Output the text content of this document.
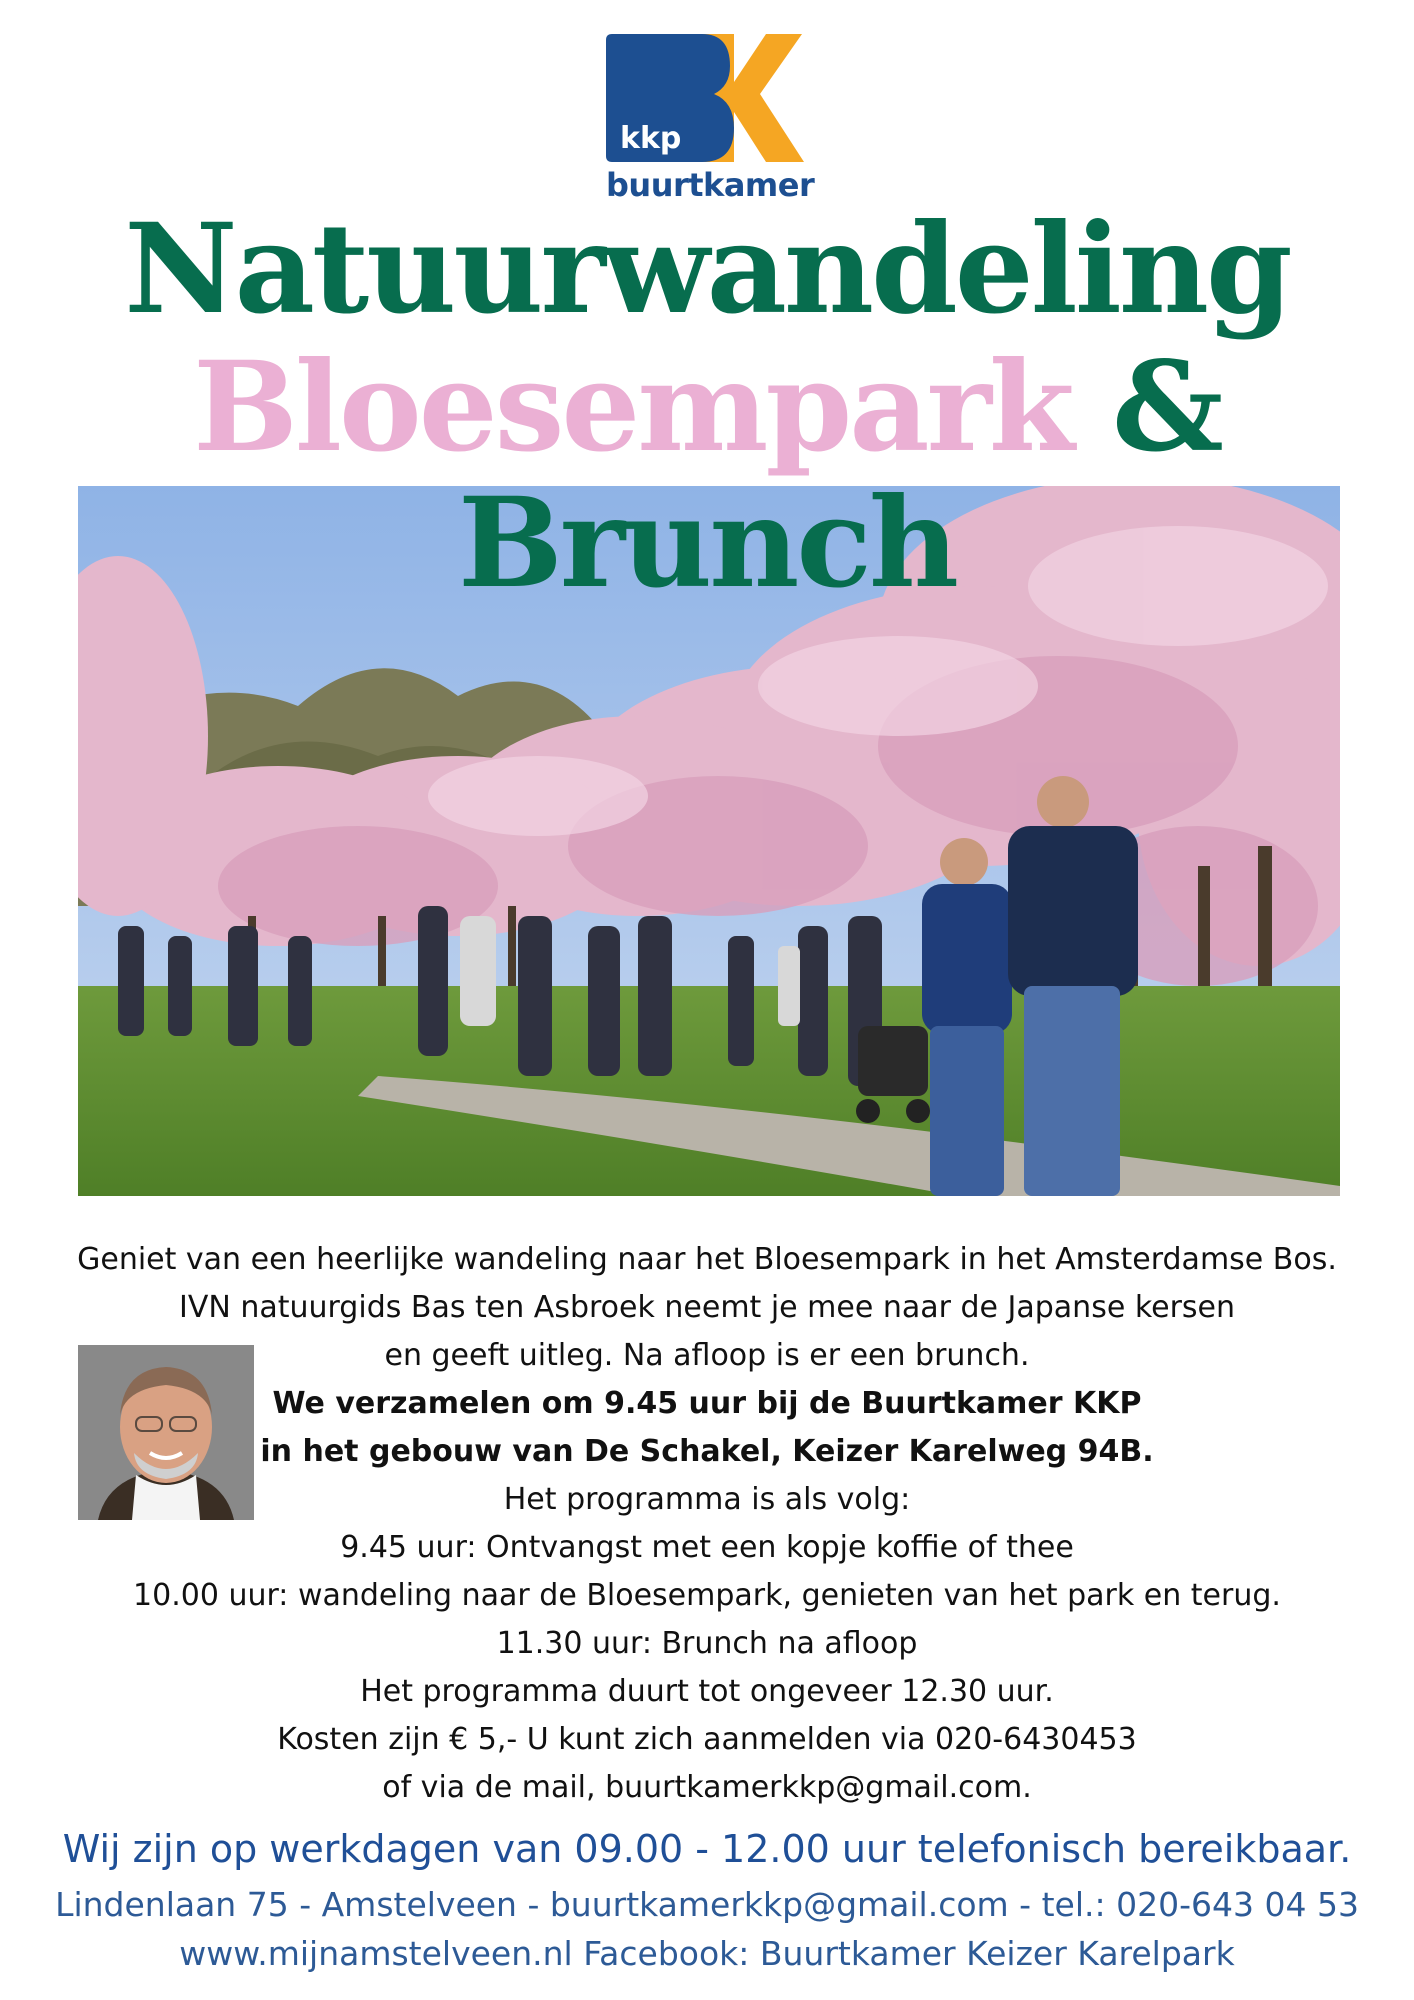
kkp
buurtkamer
Natuurwandeling
Bloesempark &
Brunch
Geniet van een heerlijke wandeling naar het Bloesempark in het Amsterdamse Bos.
IVN natuurgids Bas ten Asbroek neemt je mee naar de Japanse kersen
en geeft uitleg. Na afloop is er een brunch.
We verzamelen om 9.45 uur bij de Buurtkamer KKP
in het gebouw van De Schakel, Keizer Karelweg 94B.
Het programma is als volg:
9.45 uur: Ontvangst met een kopje koffie of thee
10.00 uur: wandeling naar de Bloesempark, genieten van het park en terug.
11.30 uur: Brunch na afloop
Het programma duurt tot ongeveer 12.30 uur.
Kosten zijn € 5,- U kunt zich aanmelden via 020-6430453
of via de mail, buurtkamerkkp@gmail.com.
Wij zijn op werkdagen van 09.00 - 12.00 uur telefonisch bereikbaar.
Lindenlaan 75 - Amstelveen - buurtkamerkkp@gmail.com - tel.: 020-643 04 53
www.mijnamstelveen.nl Facebook: Buurtkamer Keizer Karelpark
